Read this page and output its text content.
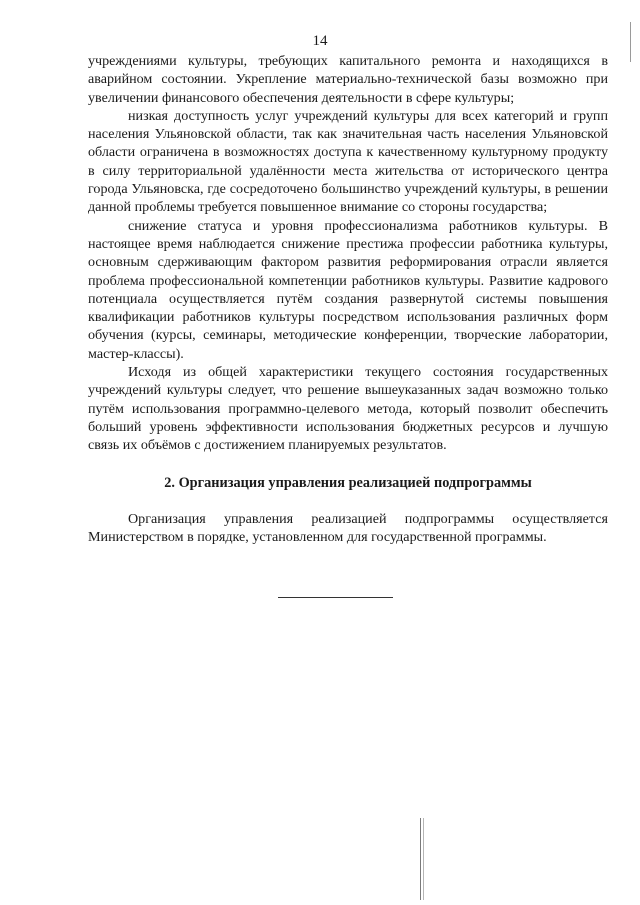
14

учреждениями культуры, требующих капитального ремонта и находящихся в аварийном состоянии. Укрепление материально-технической базы возможно при увеличении финансового обеспечения деятельности в сфере культуры;

низкая доступность услуг учреждений культуры для всех категорий и групп населения Ульяновской области, так как значительная часть населения Ульяновской области ограничена в возможностях доступа к качественному культурному продукту в силу территориальной удалённости места жительства от исторического центра города Ульяновска, где сосредоточено большинство учреждений культуры, в решении данной проблемы требуется повышенное внимание со стороны государства;

снижение статуса и уровня профессионализма работников культуры. В настоящее время наблюдается снижение престижа профессии работника культуры, основным сдерживающим фактором развития реформирования отрасли является проблема профессиональной компетенции работников культуры. Развитие кадрового потенциала осуществляется путём создания развернутой системы повышения квалификации работников культуры посредством использования различных форм обучения (курсы, семинары, методические конференции, творческие лаборатории, мастер-классы).

Исходя из общей характеристики текущего состояния государственных учреждений культуры следует, что решение вышеуказанных задач возможно только путём использования программно-целевого метода, который позволит обеспечить больший уровень эффективности использования бюджетных ресурсов и лучшую связь их объёмов с достижением планируемых результатов.

2. Организация управления реализацией подпрограммы

Организация управления реализацией подпрограммы осуществляется Министерством в порядке, установленном для государственной программы.
